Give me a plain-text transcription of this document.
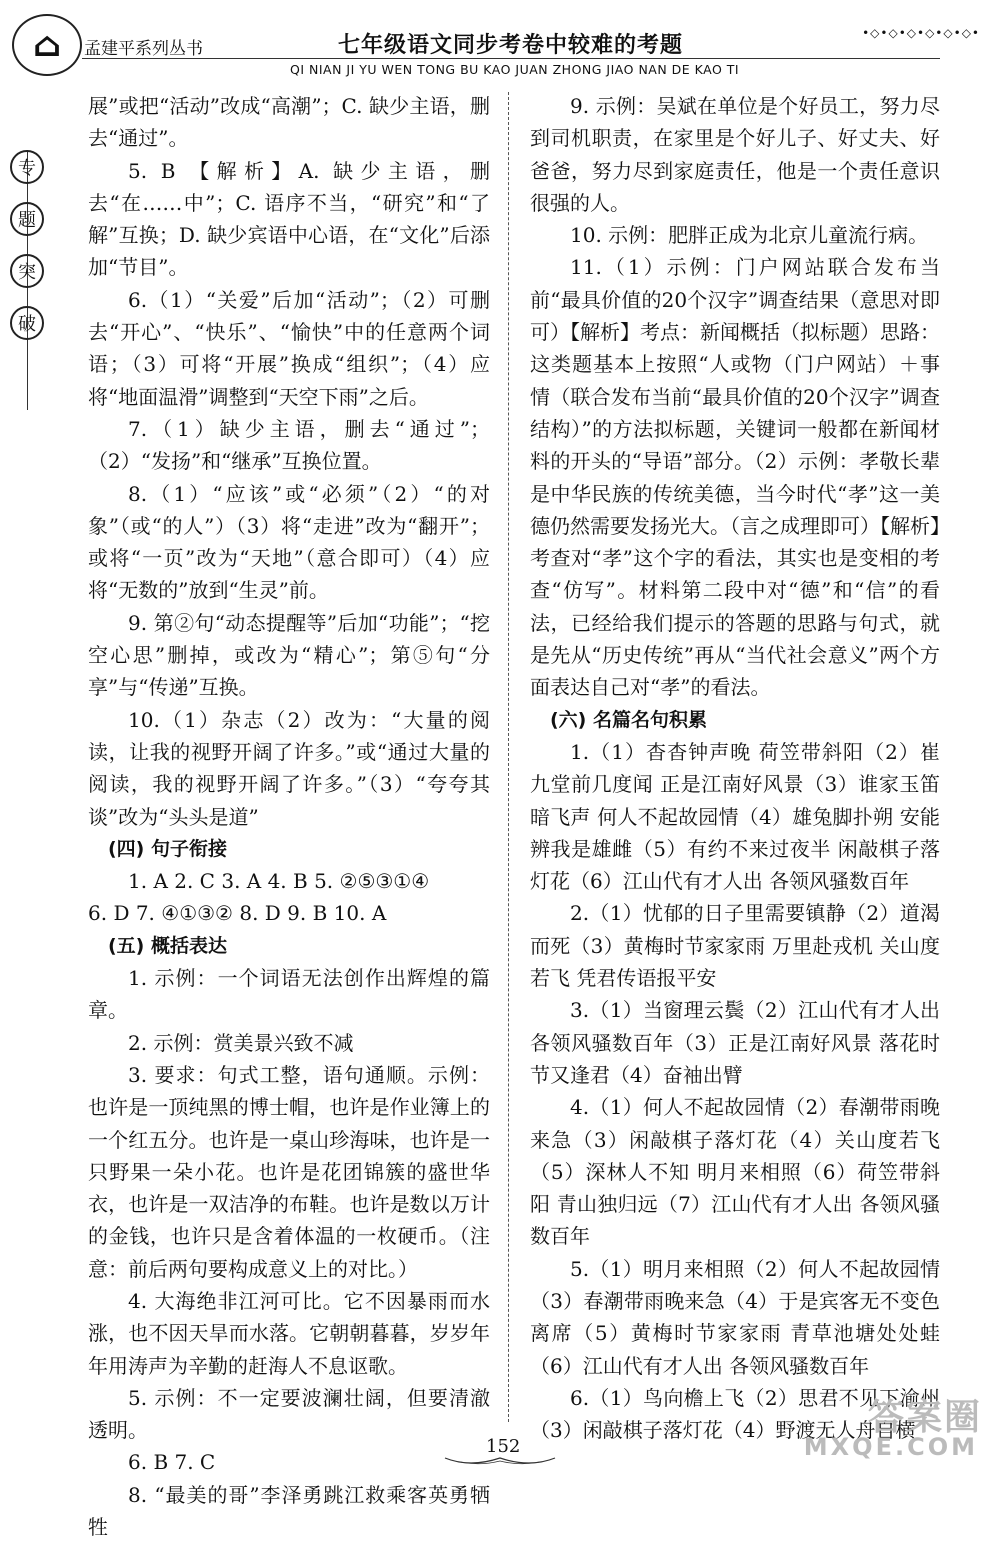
⌂	孟建平系列丛书	七年级语文同步考卷中较难的考题
QI NIAN JI YU WEN TONG BU KAO JUAN ZHONG JIAO NAN DE KAO TI
•◇•◇•◇•◇•◇•◇•
专
题
突
破

展”或把“活动”改成“高潮”；C. 缺少主语，删去“通过”。

5. B 【解析】A. 缺少主语，删去“在……中”；C. 语序不当，“研究”和“了解”互换；D. 缺少宾语中心语，在“文化”后添加“节目”。

6.（1）“关爱”后加“活动”；（2）可删去“开心”、“快乐”、“愉快”中的任意两个词语；（3）可将“开展”换成“组织”；（4）应将“地面温滑”调整到“天空下雨”之后。

7.（1）缺少主语，删去“通过”；（2）“发扬”和“继承”互换位置。

8.（1）“应该”或“必须”（2）“的对象”（或“的人”）（3）将“走进”改为“翻开”；或将“一页”改为“天地”（意合即可）（4）应将“无数的”放到“生灵”前。

9. 第②句“动态提醒等”后加“功能”；“挖空心思”删掉，或改为“精心”；第⑤句“分享”与“传递”互换。

10.（1）杂志（2）改为：“大量的阅读，让我的视野开阔了许多。”或“通过大量的阅读，我的视野开阔了许多。”（3）“夸夸其谈”改为“头头是道”

(四) 句子衔接

1. A 2. C 3. A 4. B 5. ②⑤③①④

6. D 7. ④①③② 8. D 9. B 10. A

(五) 概括表达

1. 示例：一个词语无法创作出辉煌的篇章。

2. 示例：赏美景兴致不减

3. 要求：句式工整，语句通顺。示例：也许是一顶纯黑的博士帽，也许是作业簿上的一个红五分。也许是一桌山珍海味，也许是一只野果一朵小花。也许是花团锦簇的盛世华衣，也许是一双洁净的布鞋。也许是数以万计的金钱，也许只是含着体温的一枚硬币。（注意：前后两句要构成意义上的对比。）

4. 大海绝非江河可比。它不因暴雨而水涨，也不因天旱而水落。它朝朝暮暮，岁岁年年用涛声为辛勤的赶海人不息讴歌。

5. 示例：不一定要波澜壮阔，但要清澈透明。

6. B 7. C

8. “最美的哥”李泽勇跳江救乘客英勇牺牲

9. 示例：吴斌在单位是个好员工，努力尽到司机职责，在家里是个好儿子、好丈夫、好爸爸，努力尽到家庭责任，他是一个责任意识很强的人。

10. 示例：肥胖正成为北京儿童流行病。

11.（1）示例：门户网站联合发布当前“最具价值的20个汉字”调查结果（意思对即可）【解析】考点：新闻概括（拟标题）思路：这类题基本上按照“人或物（门户网站）＋事情（联合发布当前“最具价值的20个汉字”调查结构）”的方法拟标题，关键词一般都在新闻材料的开头的“导语”部分。（2）示例：孝敬长辈是中华民族的传统美德，当今时代“孝”这一美德仍然需要发扬光大。（言之成理即可）【解析】考查对“孝”这个字的看法，其实也是变相的考查“仿写”。材料第二段中对“德”和“信”的看法，已经给我们提示的答题的思路与句式，就是先从“历史传统”再从“当代社会意义”两个方面表达自己对“孝”的看法。

(六) 名篇名句积累

1.（1）杳杳钟声晚 荷笠带斜阳（2）崔九堂前几度闻 正是江南好风景（3）谁家玉笛暗飞声 何人不起故园情（4）雄兔脚扑朔 安能辨我是雄雌（5）有约不来过夜半 闲敲棋子落灯花（6）江山代有才人出 各领风骚数百年

2.（1）忧郁的日子里需要镇静（2）道渴而死（3）黄梅时节家家雨 万里赴戎机 关山度若飞 凭君传语报平安

3.（1）当窗理云鬓（2）江山代有才人出 各领风骚数百年（3）正是江南好风景 落花时节又逢君（4）奋袖出臂

4.（1）何人不起故园情（2）春潮带雨晚来急（3）闲敲棋子落灯花（4）关山度若飞（5）深林人不知 明月来相照（6）荷笠带斜阳 青山独归远（7）江山代有才人出 各领风骚数百年

5.（1）明月来相照（2）何人不起故园情（3）春潮带雨晚来急（4）于是宾客无不变色离席（5）黄梅时节家家雨 青草池塘处处蛙（6）江山代有才人出 各领风骚数百年

6.（1）鸟向檐上飞（2）思君不见下渝州（3）闲敲棋子落灯花（4）野渡无人舟自横

152
答案圈
MXQE.COM
